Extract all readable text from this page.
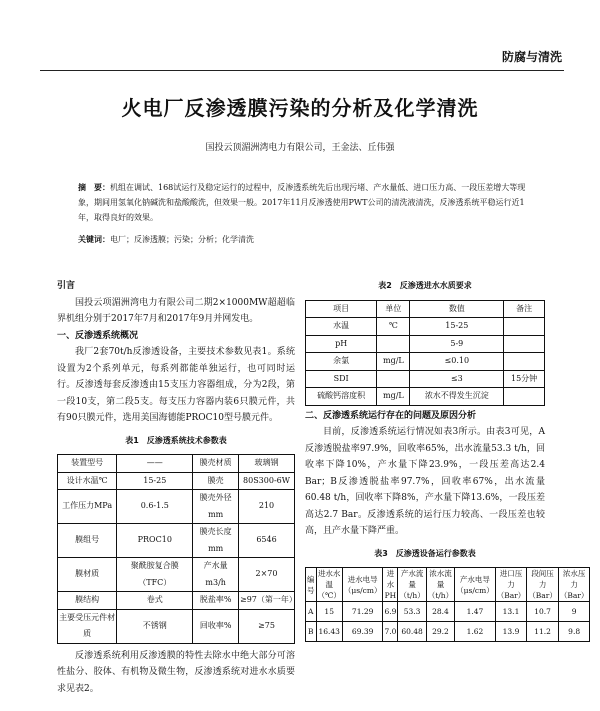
防腐与清洗
火电厂反渗透膜污染的分析及化学清洗
国投云顶湄洲湾电力有限公司，王金法、丘伟强
摘　要：机组在调试、168试运行及稳定运行的过程中，反渗透系统先后出现污堵、产水量低、进口压力高、一段压差增大等现象，期间用氢氧化钠碱洗和盐酸酸洗，但效果一般。2017年11月反渗透使用PWT公司的清洗液清洗，反渗透系统平稳运行近1年，取得良好的效果。
关键词：电厂；反渗透膜；污染；分析；化学清洗
引言

国投云项湄洲湾电力有限公司二期2×1000MW超超临界机组分别于2017年7月和2017年9月并网发电。

一、反渗透系统概况

我厂2套70t/h反渗透设备，主要技术参数见表1。系统设置为2个系列单元，每系列都能单独运行，也可同时运行。反渗透每套反渗透由15支压力容器组成，分为2段，第一段10支，第二段5支。每支压力容器内装6只膜元件，共有90只膜元件，选用美国海德能PROC10型号膜元件。

表1　反渗透系统技术参数表
装置型号	——	膜壳材质	玻璃钢
设计水温℃	15-25	膜壳	80S300-6W
工作压力MPa	0.6-1.5	膜壳外径mm	210
膜组号	PROC10	膜壳长度mm	6546
膜材质	聚酰胺复合膜（TFC）	产水量m3/h	2×70
膜结构	卷式	脱盐率%	≥97（第一年）
主要受压元件材质	不锈钢	回收率%	≥75

反渗透系统利用反渗透膜的特性去除水中绝大部分可溶性盐分、胶体、有机物及微生物，反渗透系统对进水水质要求见表2。

表2　反渗透进水水质要求
项目	单位	数值	备注
水温	℃	15-25	
pH		5-9	
余氯	mg/L	≤0.10	
SDI		≤3	15分钟
硫酸钙溶度积	mg/L	浓水不得发生沉淀	
二、反渗透系统运行存在的问题及原因分析

目前，反渗透系统运行情况如表3所示。由表3可见，A反渗透脱盐率97.9%，回收率65%，出水流量53.3 t/h，回收率下降10%，产水量下降23.9%，一段压差高达2.4 Bar；B反渗透脱盐率97.7%，回收率67%，出水流量60.48 t/h，回收率下降8%，产水量下降13.6%，一段压差高达2.7 Bar。反渗透系统的运行压力较高、一段压差也较高，且产水量下降严重。

表3　反渗透设备运行参数表
编号	进水水温（℃）	进水电导（μs/cm）	进水PH	产水流量（t/h）	浓水流量（t/h）	产水电导（μs/cm）	进口压力（Bar）	段间压力（Bar）	浓水压力（Bar）
A	15	71.29	6.9	53.3	28.4	1.47	13.1	10.7	9
B	16.43	69.39	7.0	60.48	29.2	1.62	13.9	11.2	9.8
